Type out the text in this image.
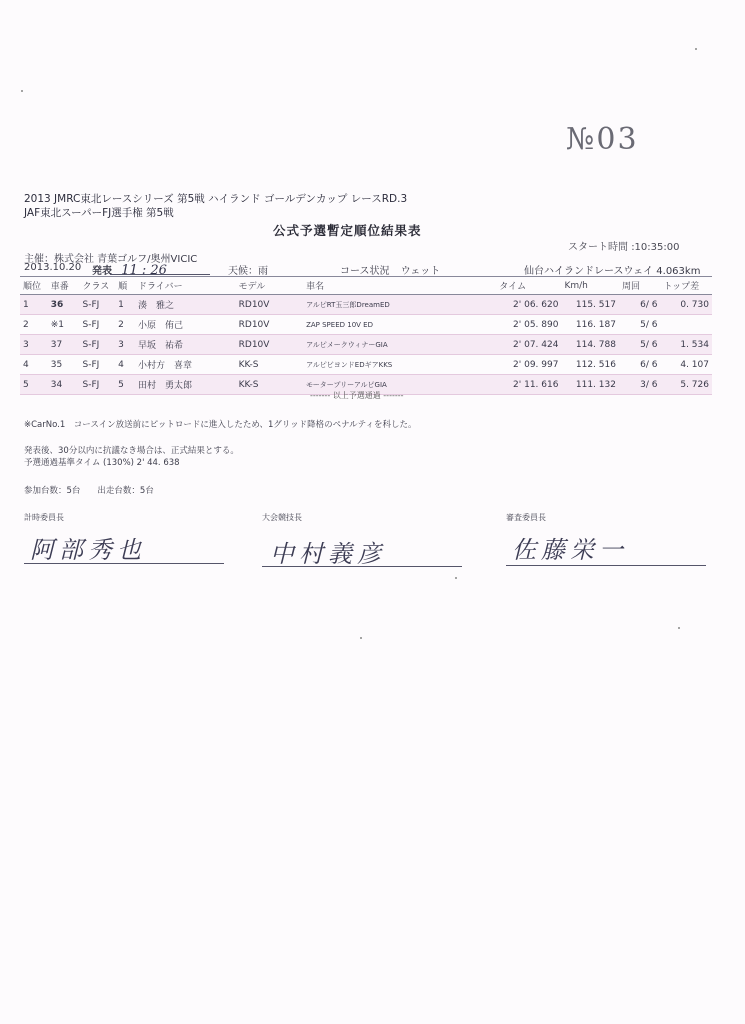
№03
2013 JMRC東北レースシリーズ 第5戦 ハイランド ゴールデンカップ レースRD.3
JAF東北スーパーFJ選手権 第5戦
公式予選暫定順位結果表
スタート時間 :10:35:00
主催：株式会社 青葉ゴルフ/奥州VICIC
2013.10.20 発表 11 : 26	天候：雨	コース状況 ウェット	仙台ハイランドレースウェイ 4.063km
順位	車番	クラス	順	ドライバー	モデル	車名	タイム	Km/h	周回	トップ差
1	36	S-FJ	1	湊　雅之	RD10V	アルピRT玉三郎DreamED	2' 06. 620	115. 517	6/ 6	0. 730
2	※1	S-FJ	2	小原　侑己	RD10V	ZAP SPEED 10V ED	2' 05. 890	116. 187	5/ 6	
3	37	S-FJ	3	早坂　祐希	RD10V	アルピメークウィナーGIA	2' 07. 424	114. 788	5/ 6	1. 534
4	35	S-FJ	4	小村方　喜章	KK-S	アルピビヨンドEDギアKKS	2' 09. 997	112. 516	6/ 6	4. 107
5	34	S-FJ	5	田村　勇太郎	KK-S	モータープリーアルピGIA	2' 11. 616	111. 132	3/ 6	5. 726
------- 以上予選通過 -------
※CarNo.1　コースイン放送前にピットロードに進入したため、1グリッド降格のペナルティを科した。
発表後、30分以内に抗議なき場合は、正式結果とする。
予選通過基準タイム (130%) 2' 44. 638
参加台数：5台　　出走台数：5台
計時委員長
阿部秀也
大会競技長
中村義彦
審査委員長
佐藤栄一
